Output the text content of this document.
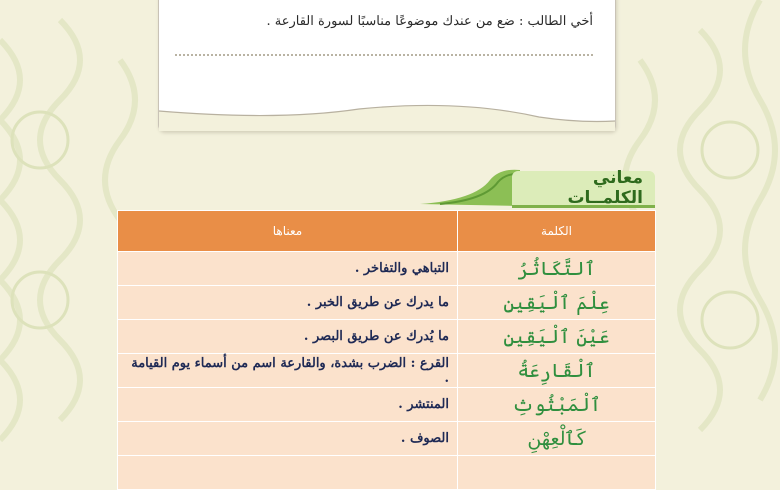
أخي الطالب : ضع من عندك موضوعًا مناسبًا لسورة القارعة .
معاني الكلمــات
الكلمة	معناها
ٱلتَّكَاثُرُ	التباهي والتفاخر .
عِلْمَ ٱلْيَقِينِ	ما يدرك عن طريق الخبر .
عَيْنَ ٱلْيَقِينِ	ما يُدرك عن طريق البصر .
ٱلْقَارِعَةُ	القرع : الضرب بشدة، والقارعة اسم من أسماء يوم القيامة .
ٱلْمَبْثُوثِ	المنتشر .
كَٱلْعِهْنِ	الصوف .
